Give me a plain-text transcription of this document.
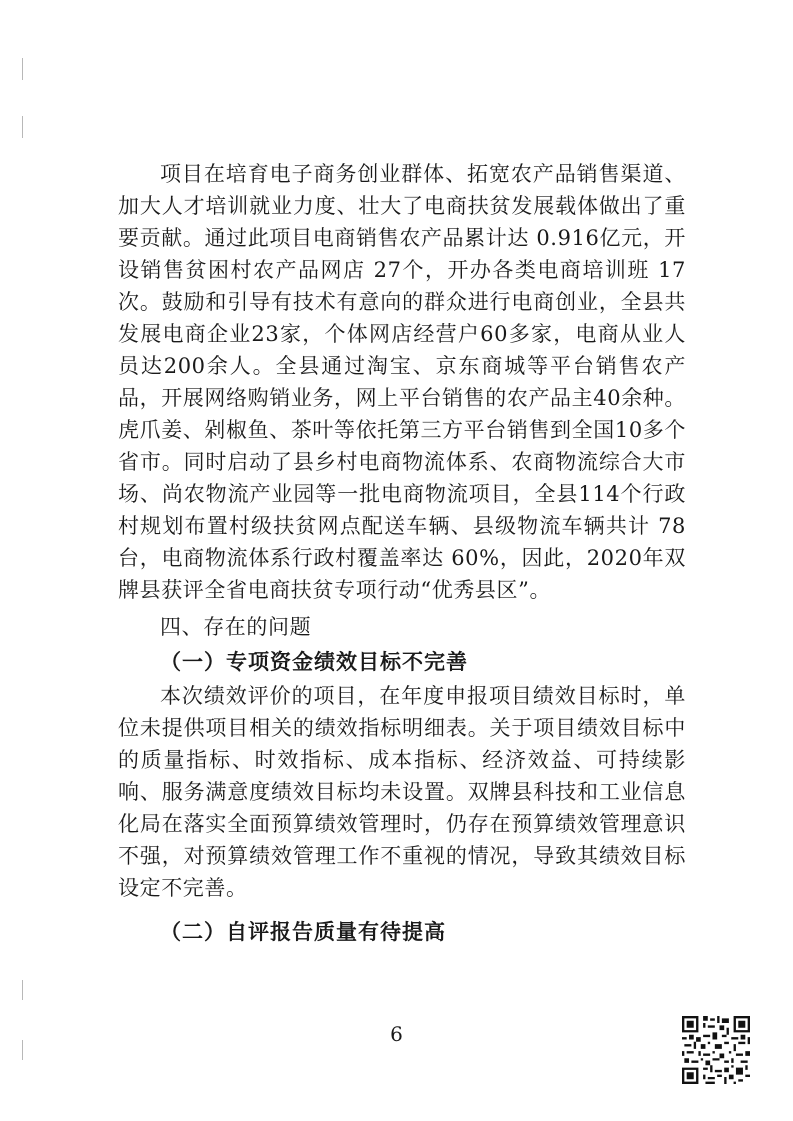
项目在培育电子商务创业群体、拓宽农产品销售渠道、加大人才培训就业力度、壮大了电商扶贫发展载体做出了重要贡献。通过此项目电商销售农产品累计达 0.916亿元，开设销售贫困村农产品网店 27个，开办各类电商培训班 17次。鼓励和引导有技术有意向的群众进行电商创业，全县共发展电商企业23家，个体网店经营户60多家，电商从业人员达200余人。全县通过淘宝、京东商城等平台销售农产品，开展网络购销业务，网上平台销售的农产品主40余种。虎爪姜、剁椒鱼、茶叶等依托第三方平台销售到全国10多个省市。同时启动了县乡村电商物流体系、农商物流综合大市场、尚农物流产业园等一批电商物流项目，全县114个行政村规划布置村级扶贫网点配送车辆、县级物流车辆共计 78 台，电商物流体系行政村覆盖率达 60%，因此，2020年双牌县获评全省电商扶贫专项行动“优秀县区”。

四、存在的问题
（一）专项资金绩效目标不完善

本次绩效评价的项目，在年度申报项目绩效目标时，单位未提供项目相关的绩效指标明细表。关于项目绩效目标中的质量指标、时效指标、成本指标、经济效益、可持续影响、服务满意度绩效目标均未设置。双牌县科技和工业信息化局在落实全面预算绩效管理时，仍存在预算绩效管理意识不强，对预算绩效管理工作不重视的情况，导致其绩效目标设定不完善。

（二）自评报告质量有待提高
6
